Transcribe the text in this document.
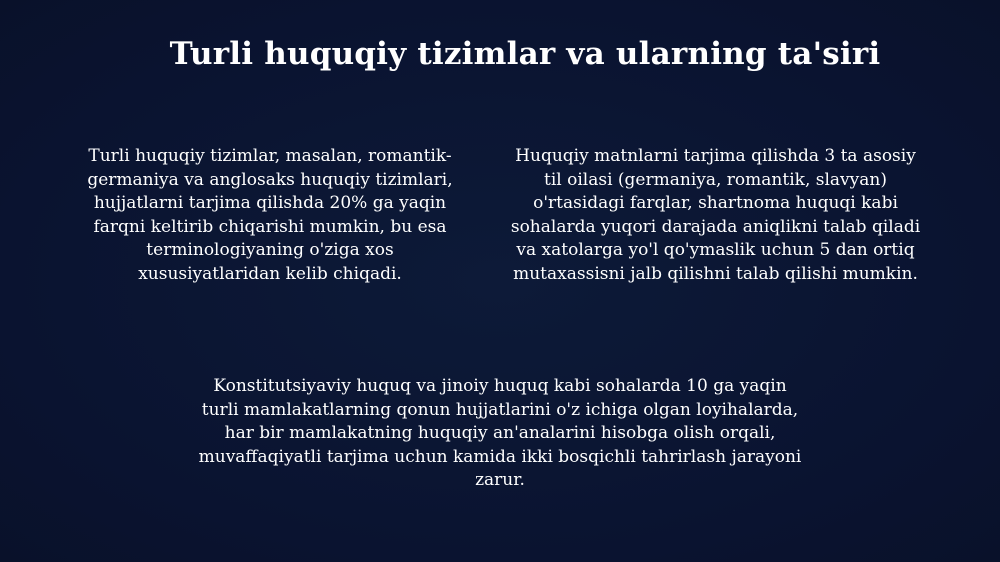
Turli huquqiy tizimlar va ularning ta'siri
Turli huquqiy tizimlar, masalan, romantik-
germaniya va anglosaks huquqiy tizimlari,
hujjatlarni tarjima qilishda 20% ga yaqin
farqni keltirib chiqarishi mumkin, bu esa
terminologiyaning o'ziga xos
xususiyatlaridan kelib chiqadi.
Huquqiy matnlarni tarjima qilishda 3 ta asosiy
til oilasi (germaniya, romantik, slavyan)
o'rtasidagi farqlar, shartnoma huquqi kabi
sohalarda yuqori darajada aniqlikni talab qiladi
va xatolarga yo'l qo'ymaslik uchun 5 dan ortiq
mutaxassisni jalb qilishni talab qilishi mumkin.
Konstitutsiyaviy huquq va jinoiy huquq kabi sohalarda 10 ga yaqin
turli mamlakatlarning qonun hujjatlarini o'z ichiga olgan loyihalarda,
har bir mamlakatning huquqiy an'analarini hisobga olish orqali,
muvaffaqiyatli tarjima uchun kamida ikki bosqichli tahrirlash jarayoni
zarur.
